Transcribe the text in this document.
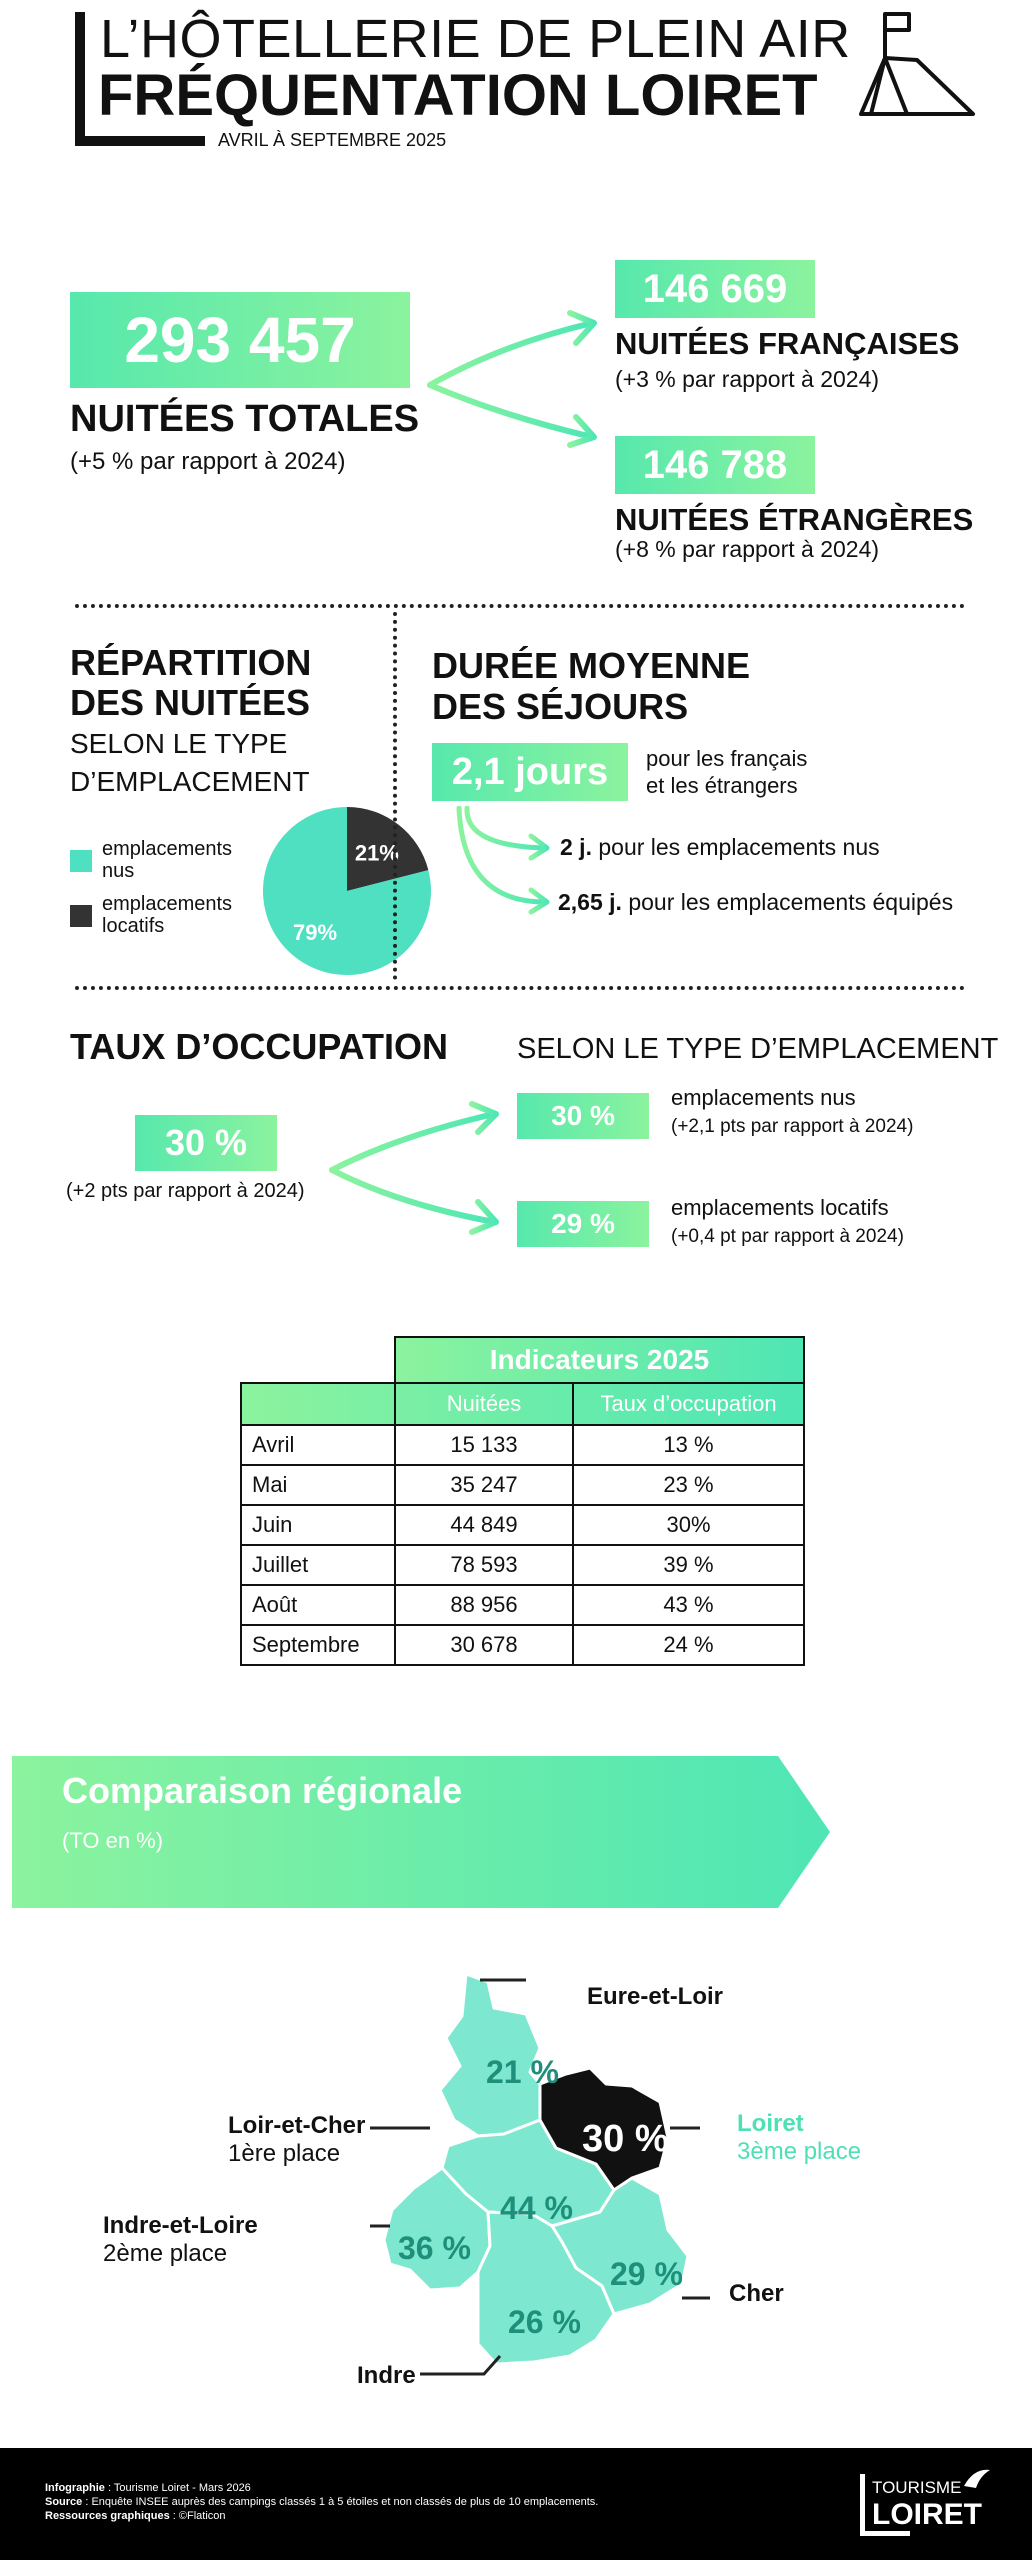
L’HÔTELLERIE DE PLEIN AIR
FRÉQUENTATION LOIRET
AVRIL À SEPTEMBRE 2025
293 457
NUITÉES TOTALES
(+5 % par rapport à 2024)
146 669
NUITÉES FRANÇAISES
(+3 % par rapport à 2024)
146 788
NUITÉES ÉTRANGÈRES
(+8 % par rapport à 2024)
RÉPARTITION
DES NUITÉES
SELON LE TYPE
D’EMPLACEMENT
emplacements
nus
emplacements
locatifs
21%
79%
DURÉE MOYENNE
DES SÉJOURS
2,1 jours pour les français
et les étrangers
2 j. pour les emplacements nus
2,65 j. pour les emplacements équipés
TAUX D’OCCUPATION SELON LE TYPE D’EMPLACEMENT
30 %
(+2 pts par rapport à 2024)
30 %
emplacements nus
(+2,1 pts par rapport à 2024)
29 %
emplacements locatifs
(+0,4 pt par rapport à 2024)
	Indicateurs 2025	
	Nuitées	Taux d’occupation
Avril	15 133	13 %
Mai	35 247	23 %
Juin	44 849	30%
Juillet	78 593	39 %
Août	88 956	43 %
Septembre	30 678	24 %
Comparaison régionale
(TO en %)
21 %
30 %
44 %
36 %
29 %
26 %
Eure-et-Loir
Loiret
3ème place
Loir-et-Cher
1ère place
Indre-et-Loire
2ème place
Cher
Indre
Infographie : Tourisme Loiret - Mars 2026
Source : Enquête INSEE auprès des campings classés 1 à 5 étoiles et non classés de plus de 10 emplacements.
Ressources graphiques : ©Flaticon
TOURISME
LOIRET
